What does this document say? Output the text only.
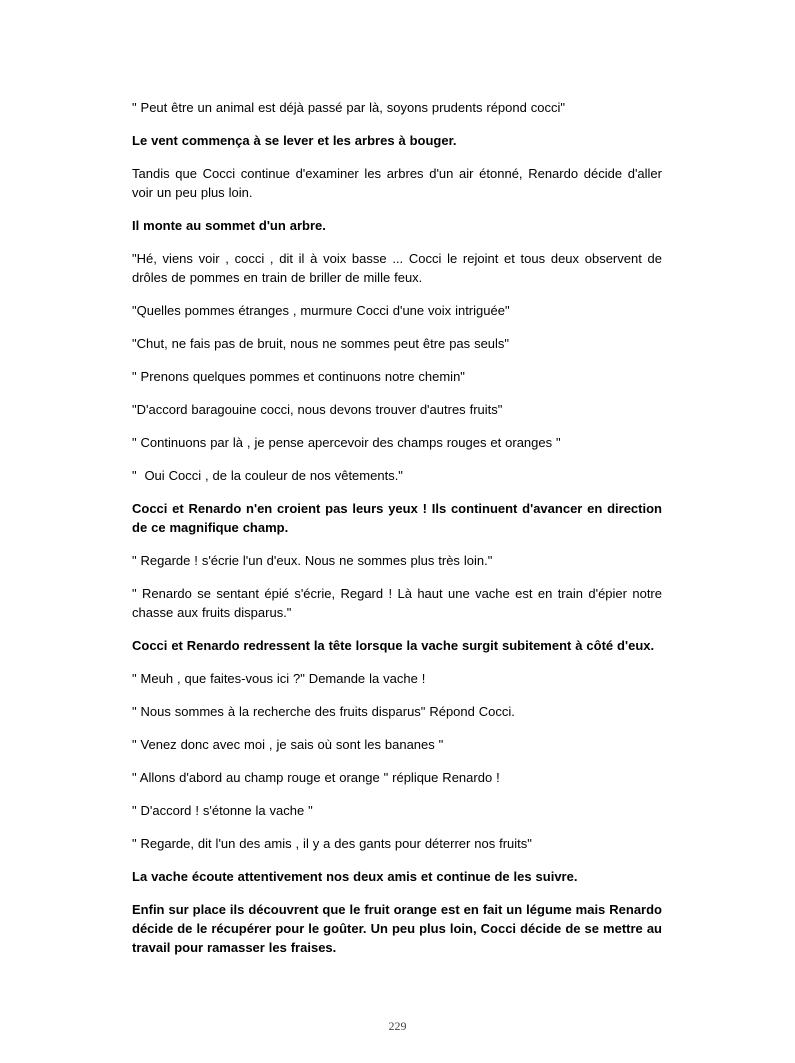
" Peut être un animal est déjà passé par là, soyons prudents répond cocci"

Le vent commença à se lever et les arbres à bouger.

Tandis que Cocci continue d'examiner les arbres d'un air étonné, Renardo décide d'aller voir un peu plus loin.

Il monte au sommet d'un arbre.

"Hé, viens voir , cocci , dit il à voix basse ... Cocci le rejoint et tous deux observent de drôles de pommes en train de briller de mille feux.

"Quelles pommes étranges , murmure Cocci d'une voix intriguée"

"Chut, ne fais pas de bruit, nous ne sommes peut être pas seuls"

" Prenons quelques pommes et continuons notre chemin"

"D'accord baragouine cocci, nous devons trouver d'autres fruits"

" Continuons par là , je pense apercevoir des champs rouges et oranges "

"  Oui Cocci , de la couleur de nos vêtements."

Cocci et Renardo n'en croient pas leurs yeux ! Ils continuent d'avancer en direction de ce magnifique champ.

" Regarde ! s'écrie l'un d'eux. Nous ne sommes plus très loin."

" Renardo se sentant épié s'écrie, Regard ! Là haut une vache est en train d'épier notre chasse aux fruits disparus."

Cocci et Renardo redressent la tête lorsque la vache surgit subitement à côté d'eux.

" Meuh , que faites-vous ici ?" Demande la vache !

" Nous sommes à la recherche des fruits disparus" Répond Cocci.

" Venez donc avec moi , je sais où sont les bananes "

" Allons d'abord au champ rouge et orange " réplique Renardo !

" D'accord ! s'étonne la vache "

" Regarde, dit l'un des amis , il y a des gants pour déterrer nos fruits"

La vache écoute attentivement nos deux amis et continue de les suivre.

Enfin sur place ils découvrent que le fruit orange est en fait un légume mais Renardo décide de le récupérer pour le goûter. Un peu plus loin, Cocci décide de se mettre au travail pour ramasser les fraises.

229
